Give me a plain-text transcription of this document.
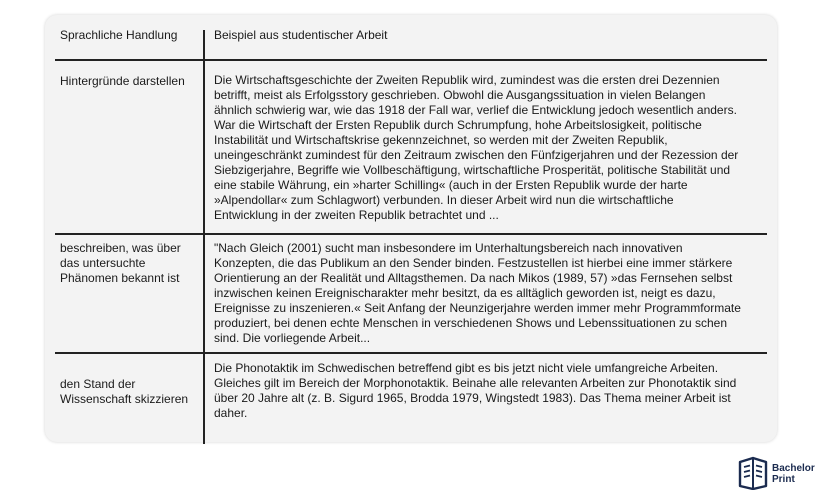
Sprachliche Handlung	Beispiel aus studentischer Arbeit
Hintergründe darstellen	Die Wirtschaftsgeschichte der Zweiten Republik wird, zumindest was die ersten drei Dezennien
betrifft, meist als Erfolgsstory geschrieben. Obwohl die Ausgangssituation in vielen Belangen
ähnlich schwierig war, wie das 1918 der Fall war, verlief die Entwicklung jedoch wesentlich anders.
War die Wirtschaft der Ersten Republik durch Schrumpfung, hohe Arbeitslosigkeit, politische
Instabilität und Wirtschaftskrise gekennzeichnet, so werden mit der Zweiten Republik,
uneingeschränkt zumindest für den Zeitraum zwischen den Fünfzigerjahren und der Rezession der
Siebzigerjahre, Begriffe wie Vollbeschäftigung, wirtschaftliche Prosperität, politische Stabilität und
eine stabile Währung, ein »harter Schilling« (auch in der Ersten Republik wurde der harte
»Alpendollar« zum Schlagwort) verbunden. In dieser Arbeit wird nun die wirtschaftliche
Entwicklung in der zweiten Republik betrachtet und ...
beschreiben, was über das untersuchte Phänomen bekannt ist
"Nach Gleich (2001) sucht man insbesondere im Unterhaltungsbereich nach innovativen
Konzepten, die das Publikum an den Sender binden. Festzustellen ist hierbei eine immer stärkere
Orientierung an der Realität und Alltagsthemen. Da nach Mikos (1989, 57) »das Fernsehen selbst
inzwischen keinen Ereignischarakter mehr besitzt, da es alltäglich geworden ist, neigt es dazu,
Ereignisse zu inszenieren.« Seit Anfang der Neunzigerjahre werden immer mehr Programmformate
produziert, bei denen echte Menschen in verschiedenen Shows und Lebenssituationen zu schen
sind. Die vorliegende Arbeit...
den Stand der Wissenschaft skizzieren
Die Phonotaktik im Schwedischen betreffend gibt es bis jetzt nicht viele umfangreiche Arbeiten.
Gleiches gilt im Bereich der Morphonotaktik. Beinahe alle relevanten Arbeiten zur Phonotaktik sind
über 20 Jahre alt (z. B. Sigurd 1965, Brodda 1979, Wingstedt 1983). Das Thema meiner Arbeit ist
daher.
Bachelor
Print
